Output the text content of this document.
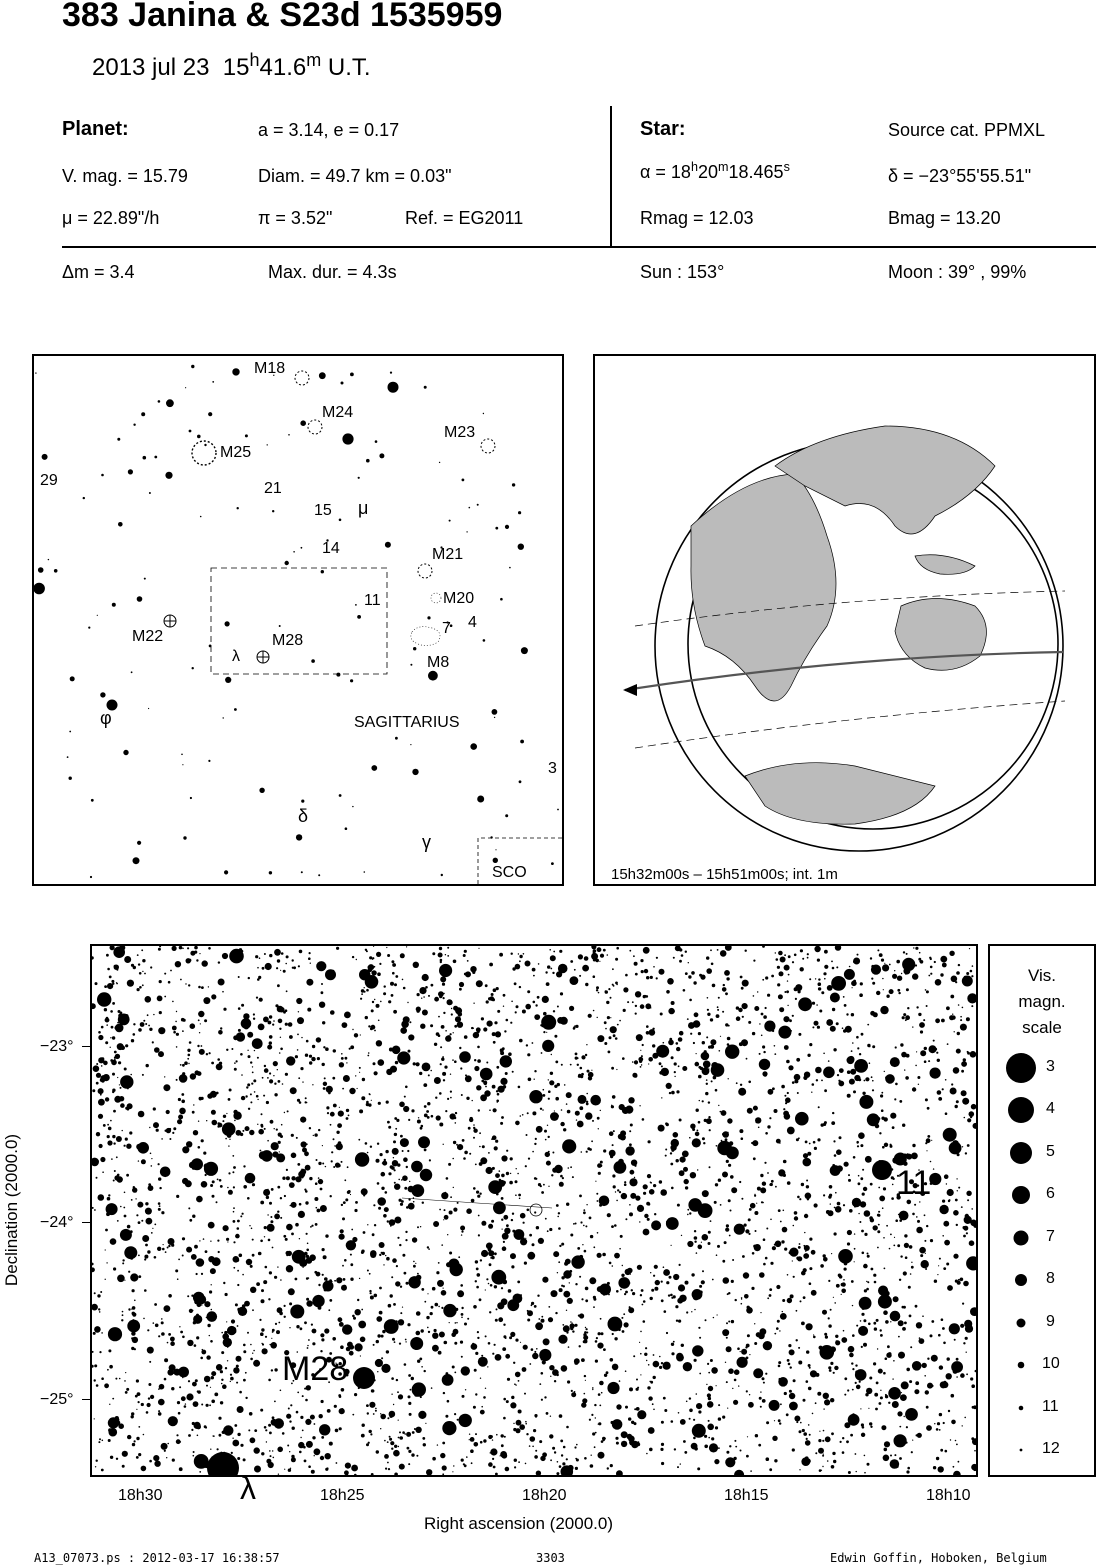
383 Janina & S23d 1535959
2013 jul 23 15$^h$41.6$^m$ U.T.
Planet:	a = 3.14, e = 0.17
V. mag. = 15.79	Diam. = 49.7 km = 0.03"
μ = 22.89"/h	π = 3.52"	Ref. = EG2011
Star:	Source cat. PPMXL
$\alpha = 18^h20^m18.465^s$	δ = −23°55'55.51"
Rmag = 12.03	Bmag = 13.20
Δm = 3.4	Max. dur. = 4.3s	Sun : 153°	Moon : 39° , 99%
M18
M24
M23
M25
29	21
15 μ
14	M21
11	M20
7 4
M22	M28
λ	M8
φ	SAGITTARIUS
3
δ
γ
SCO	15h32m00s – 15h51m00s; int. 1m
11
M28
λ
−23°
−24°
−25°
18h30	18h25	18h20	18h15	18h10
Right ascension (2000.0)
Declination (2000.0)
Vis.
magn.
scale
3
4
5
6
7
8
9
10
11
12
A13_07073.ps : 2012-03-17 16:38:57	3303	Edwin Goffin, Hoboken, Belgium
